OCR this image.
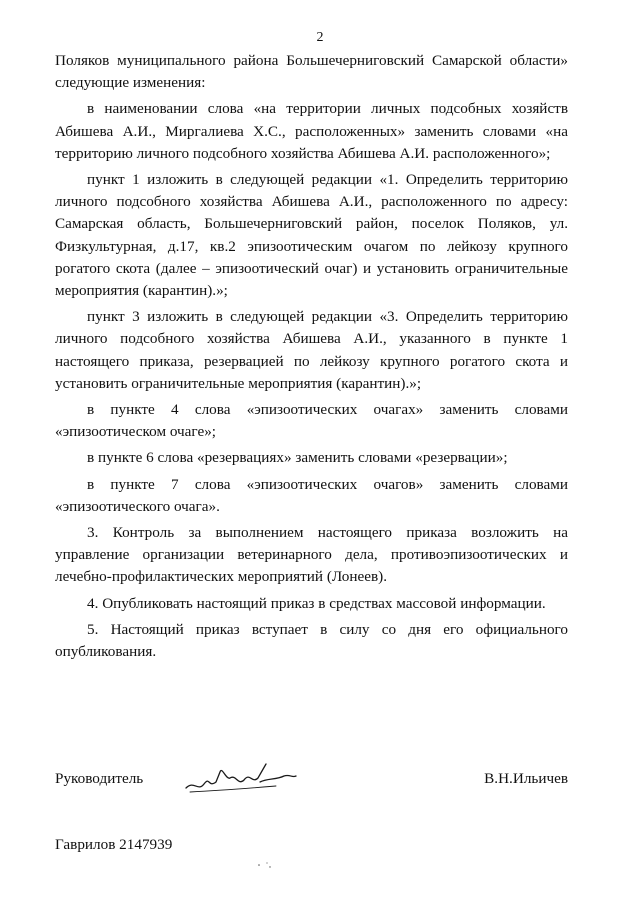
2

Поляков муниципального района Большечерниговский Самарской области» следующие изменения:

в наименовании слова «на территории личных подсобных хозяйств Абишева А.И., Миргалиева Х.С., расположенных» заменить словами «на территорию личного подсобного хозяйства Абишева А.И. расположенного»;

пункт 1 изложить в следующей редакции «1. Определить территорию личного подсобного хозяйства Абишева А.И., расположенного по адресу: Самарская область, Большечерниговский район, поселок Поляков, ул. Физкультурная, д.17, кв.2 эпизоотическим очагом по лейкозу крупного рогатого скота (далее – эпизоотический очаг) и установить ограничительные мероприятия (карантин).»;

пункт 3 изложить в следующей редакции «3. Определить территорию личного подсобного хозяйства Абишева А.И., указанного в пункте 1 настоящего приказа, резервацией по лейкозу крупного рогатого скота и установить ограничительные мероприятия (карантин).»;

в пункте 4 слова «эпизоотических очагах» заменить словами «эпизоотическом очаге»;

в пункте 6 слова «резервациях» заменить словами «резервации»;

в пункте 7 слова «эпизоотических очагов» заменить словами «эпизоотического очага».

3. Контроль за выполнением настоящего приказа возложить на управление организации ветеринарного дела, противоэпизоотических и лечебно-профилактических мероприятий (Лонеев).

4. Опубликовать настоящий приказ в средствах массовой информации.

5. Настоящий приказ вступает в силу со дня его официального опубликования.

Руководитель	В.Н.Ильичев
Гаврилов 2147939
